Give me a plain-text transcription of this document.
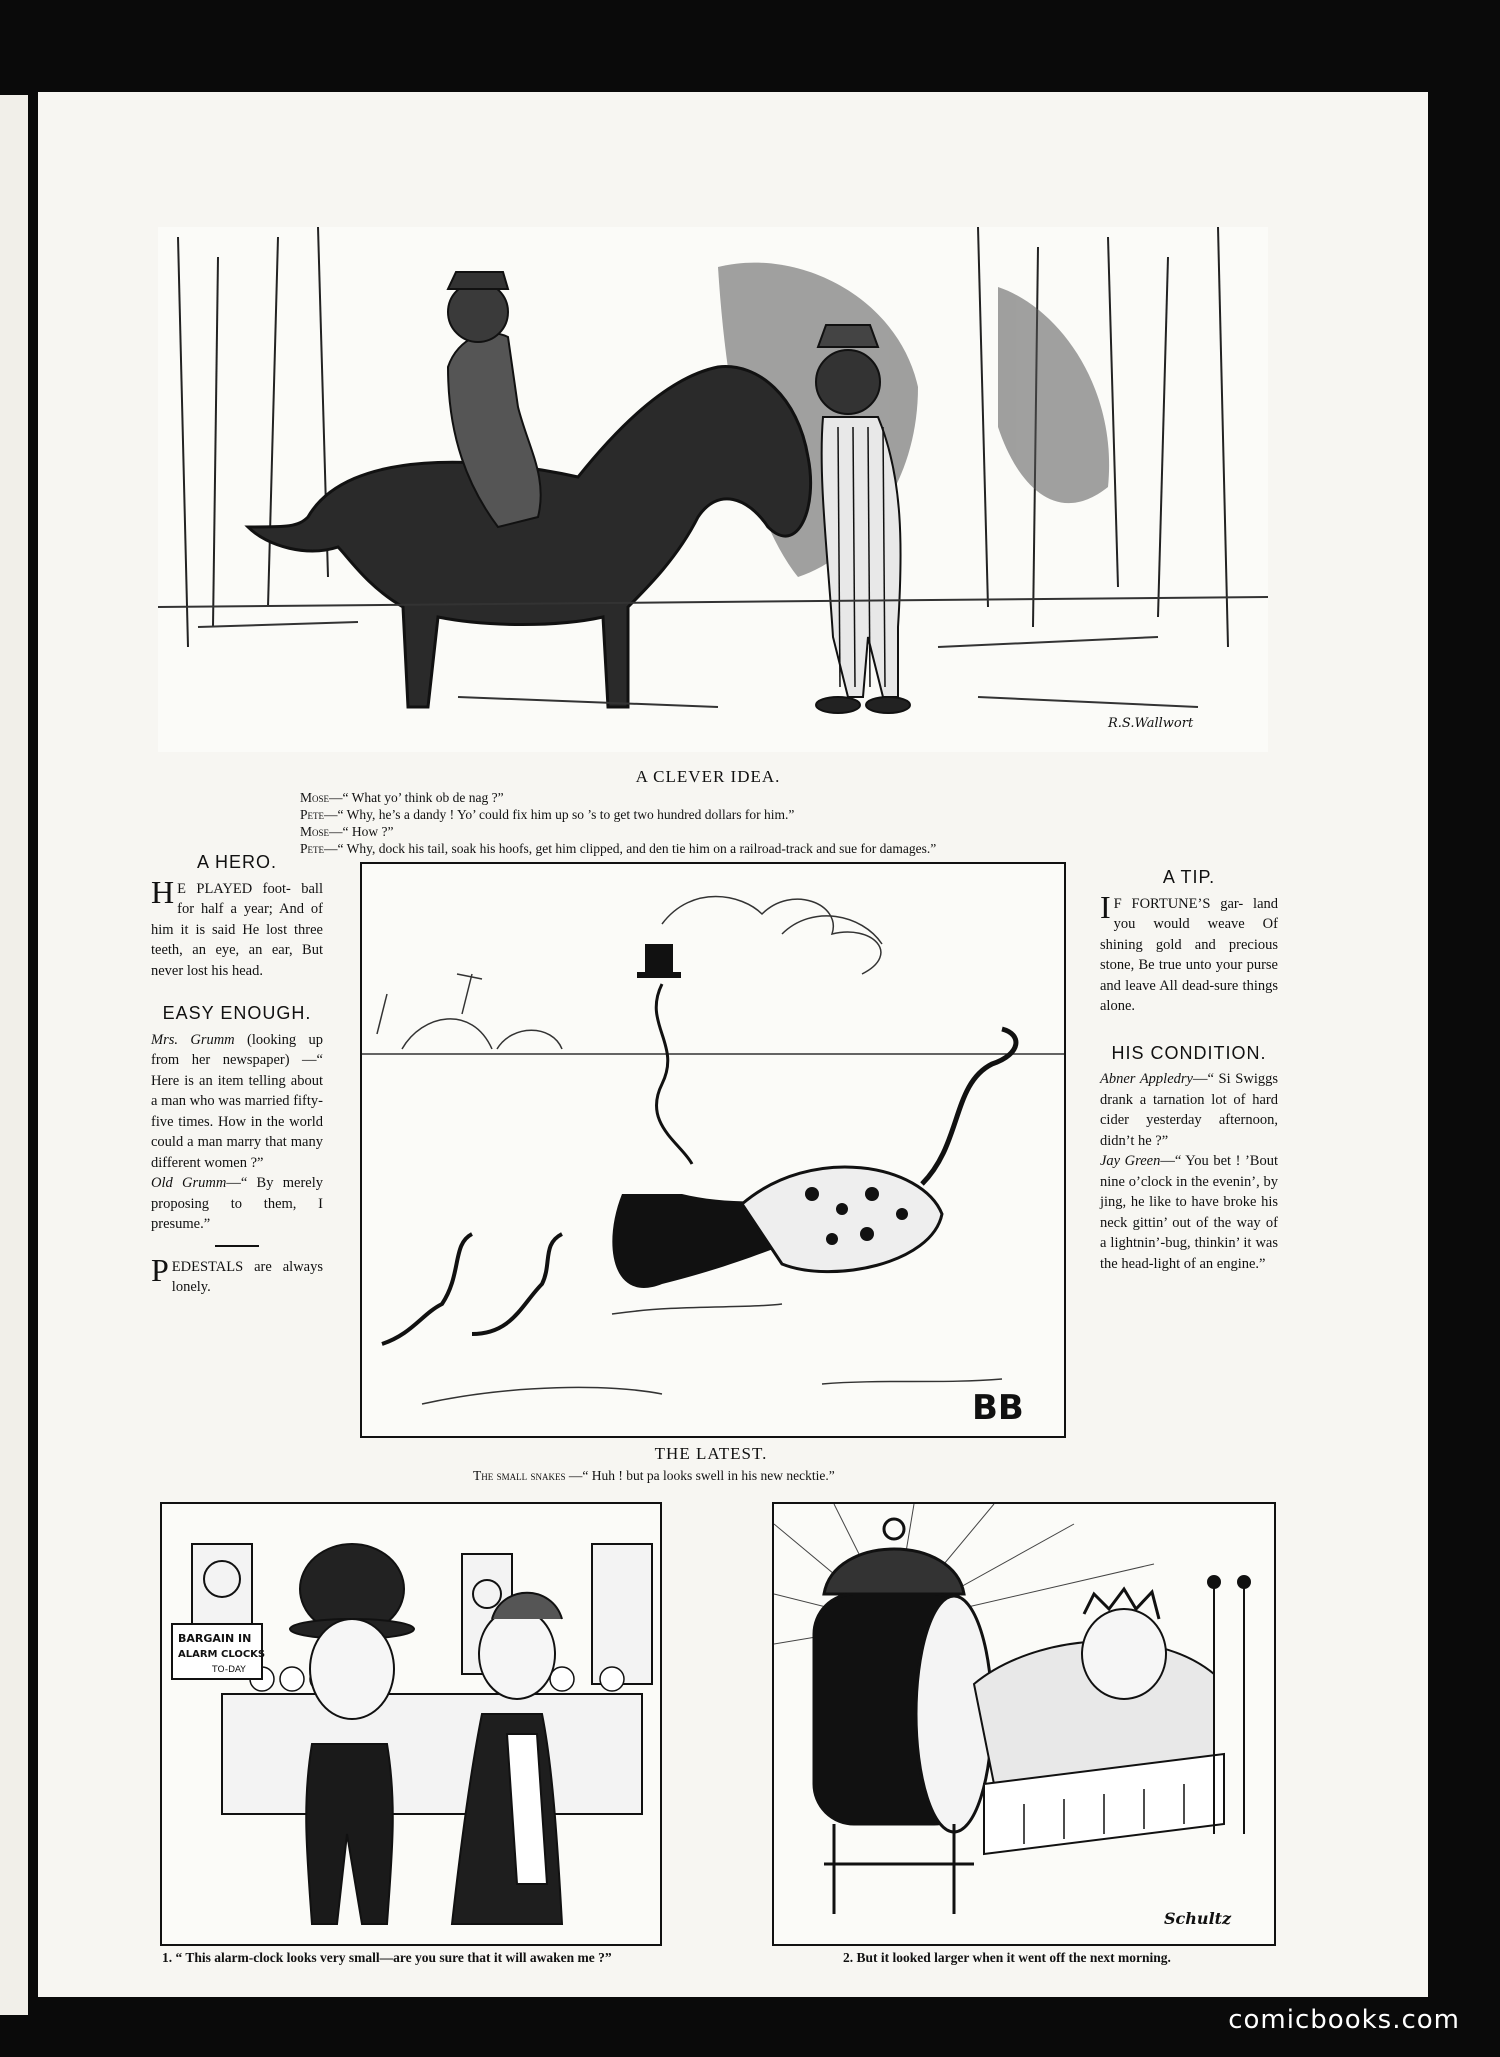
R.S.Wallwort
A CLEVER IDEA.
Mose—“ What yo’ think ob de nag ?”
Pete—“ Why, he’s a dandy ! Yo’ could fix him up so ’s to get two hundred dollars for him.”
Mose—“ How ?”
Pete—“ Why, dock his tail, soak his hoofs, get him clipped, and den tie him on a railroad-track and sue for damages.”
A HERO.

H E PLAYED foot- ball for half a year; And of him it is said He lost three teeth, an eye, an ear, But never lost his head.

EASY ENOUGH.

Mrs. Grumm (looking up from her newspaper) —“ Here is an item telling about a man who was married fifty-five times. How in the world could a man marry that many different women ?”

Old Grumm—“ By merely proposing to them, I presume.”

PEDESTALS are always lonely.

BB
THE LATEST.
The small snakes —“ Huh ! but pa looks swell in his new necktie.”
A TIP.

I F FORTUNE’S gar- land you would weave Of shining gold and precious stone, Be true unto your purse and leave All dead-sure things alone.

HIS CONDITION.

Abner Appledry—“ Si Swiggs drank a tarnation lot of hard cider yesterday afternoon, didn’t he ?”

Jay Green—“ You bet ! ’Bout nine o’clock in the evenin’, by jing, he like to have broke his neck gittin’ out of the way of a lightnin’-bug, thinkin’ it was the head-light of an engine.”

BARGAIN IN
ALARM CLOCKS
TO-DAY
1. “ This alarm-clock looks very small—are you sure that it will awaken me ?”
Schultz
2. But it looked larger when it went off the next morning.
comicbooks.com
